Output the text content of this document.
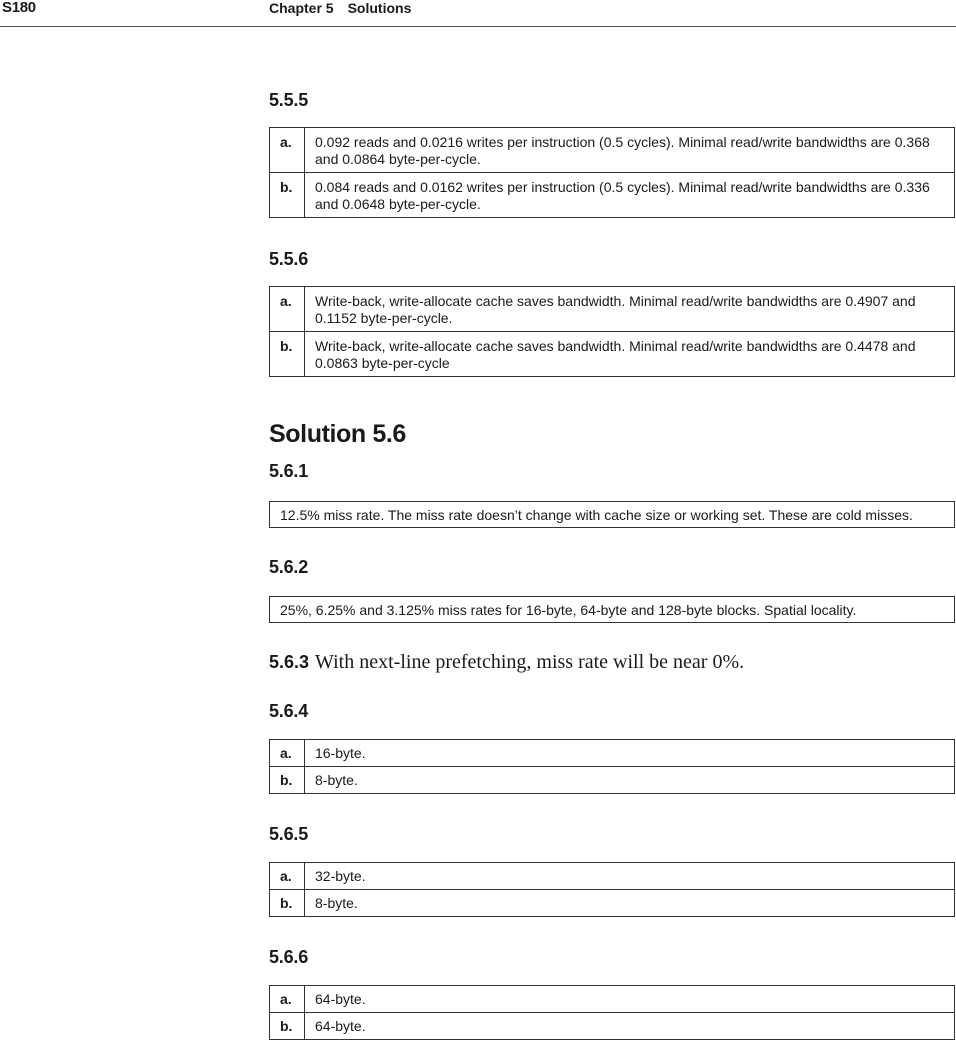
S180	Chapter 5 Solutions
5.5.5
a.	0.092 reads and 0.0216 writes per instruction (0.5 cycles). Minimal read/write bandwidths are 0.368 and 0.0864 byte-per-cycle.
b.	0.084 reads and 0.0162 writes per instruction (0.5 cycles). Minimal read/write bandwidths are 0.336 and 0.0648 byte-per-cycle.
5.5.6
a.	Write-back, write-allocate cache saves bandwidth. Minimal read/write bandwidths are 0.4907 and 0.1152 byte-per-cycle.
b.	Write-back, write-allocate cache saves bandwidth. Minimal read/write bandwidths are 0.4478 and 0.0863 byte-per-cycle
Solution 5.6
5.6.1
12.5% miss rate. The miss rate doesn’t change with cache size or working set. These are cold misses.
5.6.2
25%, 6.25% and 3.125% miss rates for 16-byte, 64-byte and 128-byte blocks. Spatial locality.
5.6.3 With next-line prefetching, miss rate will be near 0%.
5.6.4
a.	16-byte.
b.	8-byte.
5.6.5
a.	32-byte.
b.	8-byte.
5.6.6
a.	64-byte.
b.	64-byte.
